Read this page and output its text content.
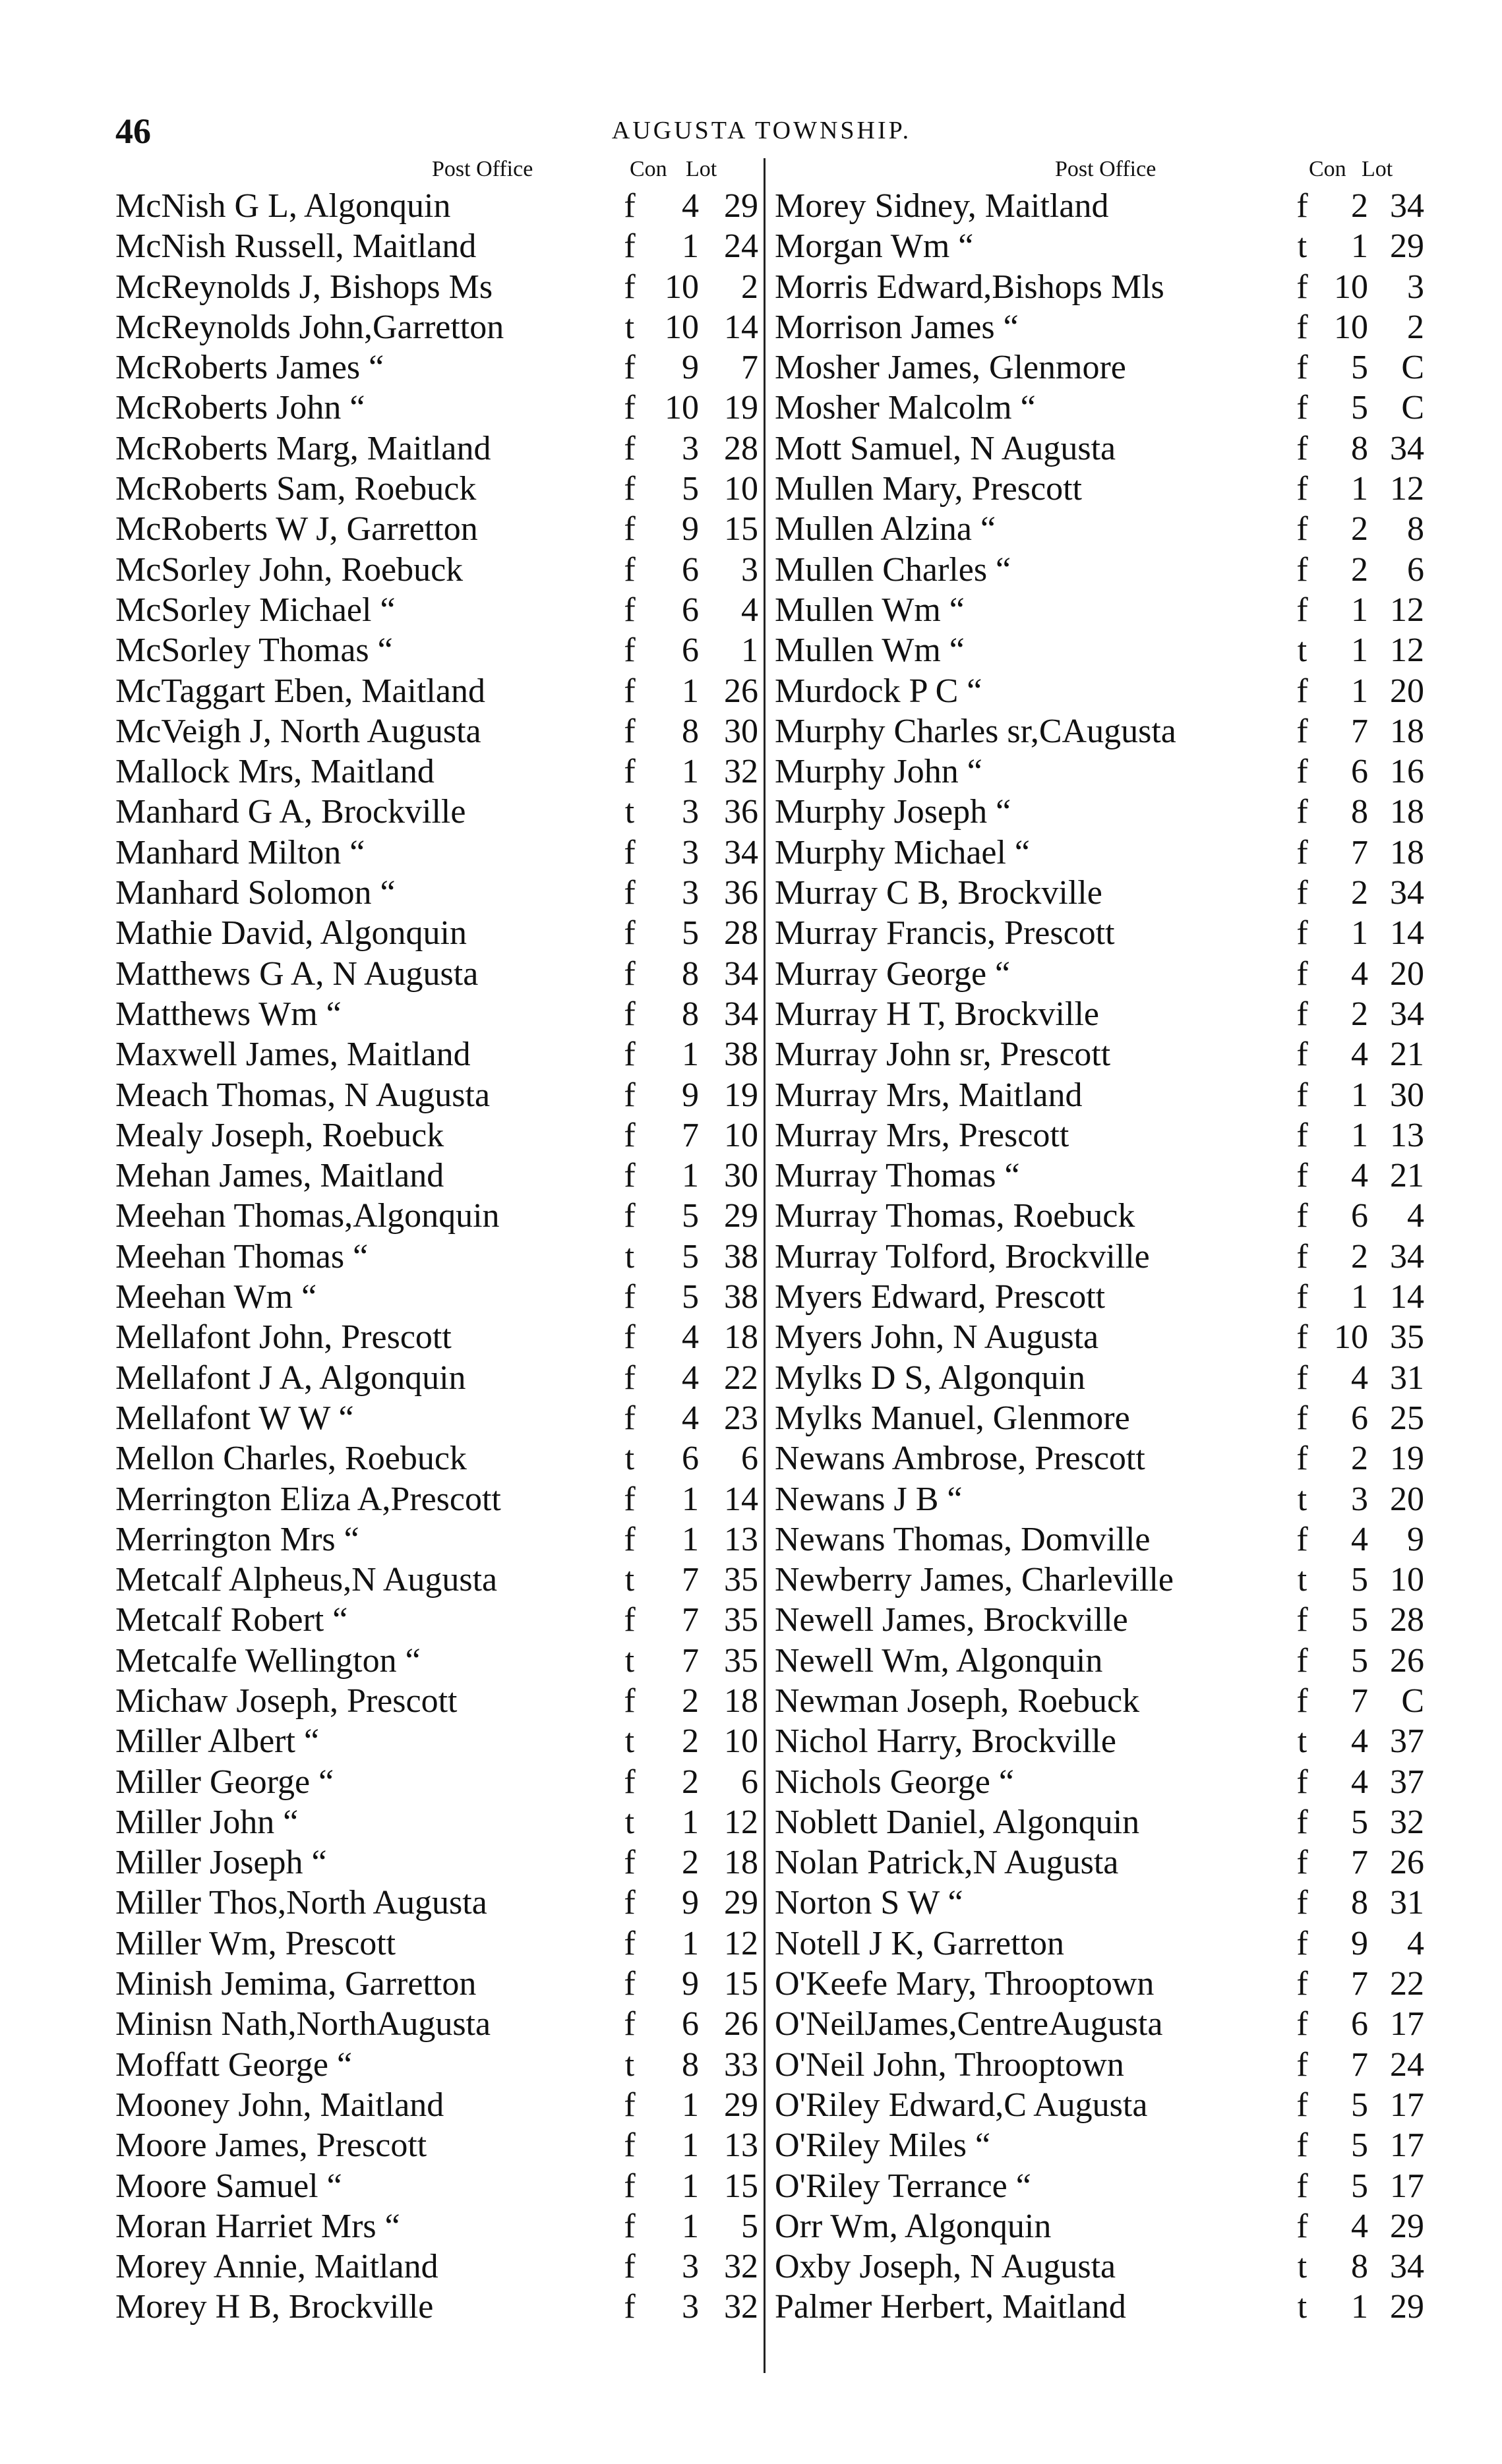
46	AUGUSTA TOWNSHIP.
Post Office	Con Lot
McNish G L, Algonquin	f	4 29
McNish Russell, Maitland	f	1 24
McReynolds J, Bishops Ms	f 10	2
McReynolds John,Garretton	t 10 14
McRoberts James “	f	9	7
McRoberts John “	f 10 19
McRoberts Marg, Maitland	f	3 28
McRoberts Sam, Roebuck	f	5 10
McRoberts W J, Garretton	f	9 15
McSorley John, Roebuck	f	6	3
McSorley Michael “	f	6	4
McSorley Thomas “	f	6	1
McTaggart Eben, Maitland	f	1 26
McVeigh J, North Augusta	f	8 30
Mallock Mrs, Maitland	f	1 32
Manhard G A, Brockville	t	3 36
Manhard Milton “	f	3 34
Manhard Solomon “	f	3 36
Mathie David, Algonquin	f	5 28
Matthews G A, N Augusta	f	8 34
Matthews Wm “	f	8 34
Maxwell James, Maitland	f	1 38
Meach Thomas, N Augusta	f	9 19
Mealy Joseph, Roebuck	f	7 10
Mehan James, Maitland	f	1 30
Meehan Thomas,Algonquin	f	5 29
Meehan Thomas “	t	5 38
Meehan Wm “	f	5 38
Mellafont John, Prescott	f	4 18
Mellafont J A, Algonquin	f	4 22
Mellafont W W “	f	4 23
Mellon Charles, Roebuck	t	6	6
Merrington Eliza A,Prescott	f	1 14
Merrington Mrs “	f	1 13
Metcalf Alpheus,N Augusta	t	7 35
Metcalf Robert “	f	7 35
Metcalfe Wellington “	t	7 35
Michaw Joseph, Prescott	f	2 18
Miller Albert “	t	2 10
Miller George “	f	2	6
Miller John “	t	1 12
Miller Joseph “	f	2 18
Miller Thos,North Augusta	f	9 29
Miller Wm, Prescott	f	1 12
Minish Jemima, Garretton	f	9 15
Minisn Nath,NorthAugusta	f	6 26
Moffatt George “	t	8 33
Mooney John, Maitland	f	1 29
Moore James, Prescott	f	1 13
Moore Samuel “	f	1 15
Moran Harriet Mrs “	f	1	5
Morey Annie, Maitland	f	3 32
Morey H B, Brockville	f	3 32
Post Office	Con Lot
Morey Sidney, Maitland	f	2 34
Morgan Wm “	t	1 29
Morris Edward,Bishops Mls	f 10	3
Morrison James “	f 10	2
Mosher James, Glenmore	f	5 C
Mosher Malcolm “	f	5 C
Mott Samuel, N Augusta	f	8 34
Mullen Mary, Prescott	f	1 12
Mullen Alzina “	f	2	8
Mullen Charles “	f	2	6
Mullen Wm “	f	1 12
Mullen Wm “	t	1 12
Murdock P C “	f	1 20
Murphy Charles sr,CAugusta	f	7 18
Murphy John “	f	6 16
Murphy Joseph “	f	8 18
Murphy Michael “	f	7 18
Murray C B, Brockville	f	2 34
Murray Francis, Prescott	f	1 14
Murray George “	f	4 20
Murray H T, Brockville	f	2 34
Murray John sr, Prescott	f	4 21
Murray Mrs, Maitland	f	1 30
Murray Mrs, Prescott	f	1 13
Murray Thomas “	f	4 21
Murray Thomas, Roebuck	f	6	4
Murray Tolford, Brockville	f	2 34
Myers Edward, Prescott	f	1 14
Myers John, N Augusta	f 10 35
Mylks D S, Algonquin	f	4 31
Mylks Manuel, Glenmore	f	6 25
Newans Ambrose, Prescott	f	2 19
Newans J B “	t	3 20
Newans Thomas, Domville	f	4	9
Newberry James, Charleville	t	5 10
Newell James, Brockville	f	5 28
Newell Wm, Algonquin	f	5 26
Newman Joseph, Roebuck	f	7 C
Nichol Harry, Brockville	t	4 37
Nichols George “	f	4 37
Noblett Daniel, Algonquin	f	5 32
Nolan Patrick,N Augusta	f	7 26
Norton S W “	f	8 31
Notell J K, Garretton	f	9	4
O'Keefe Mary, Throoptown	f	7 22
O'NeilJames,CentreAugusta	f	6 17
O'Neil John, Throoptown	f	7 24
O'Riley Edward,C Augusta	f	5 17
O'Riley Miles “	f	5 17
O'Riley Terrance “	f	5 17
Orr Wm, Algonquin	f	4 29
Oxby Joseph, N Augusta	t	8 34
Palmer Herbert, Maitland	t	1 29
